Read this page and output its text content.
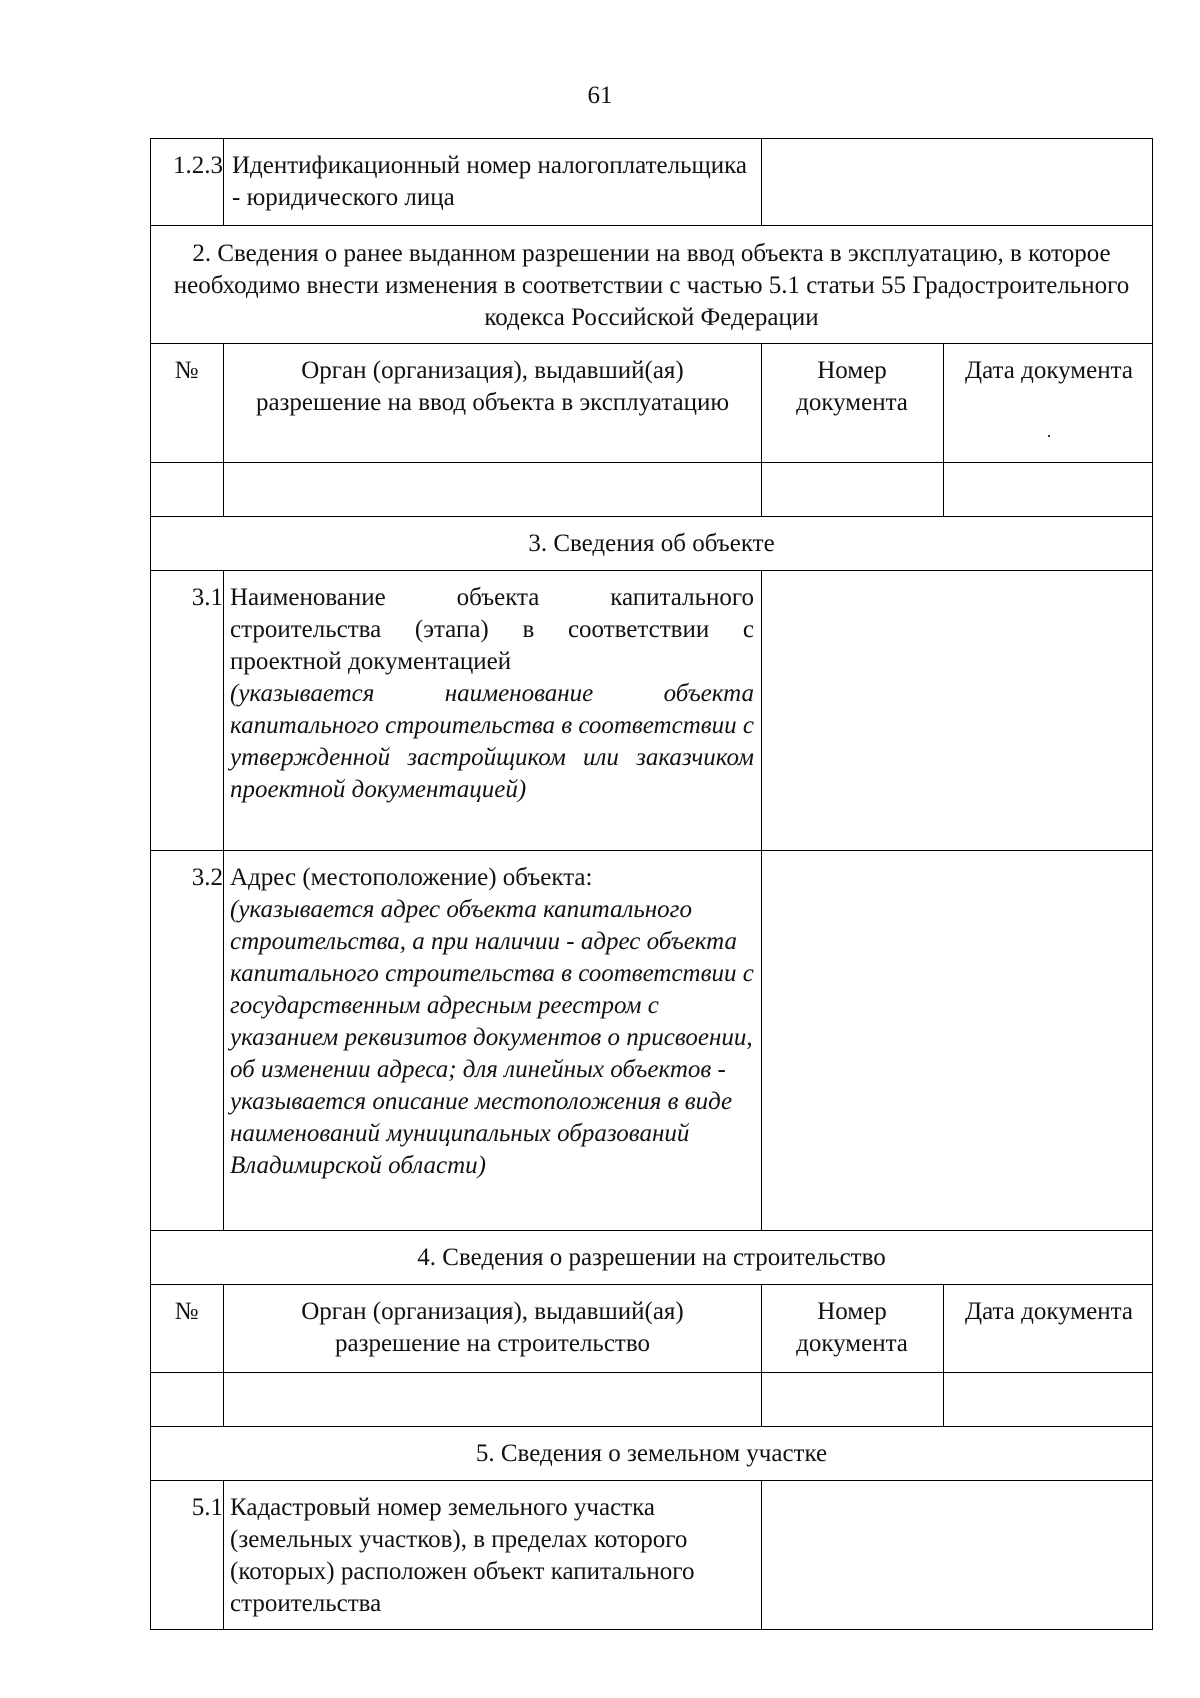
61
1.2.3 Идентификационный номер налогоплательщика - юридического лица
2. Сведения о ранее выданном разрешении на ввод объекта в эксплуатацию, в которое необходимо внести изменения в соответствии с частью 5.1 статьи 55 Градостроительного кодекса Российской Федерации
№	Орган (организация), выдавший(ая) разрешение на ввод объекта в эксплуатацию
Номер документа
Дата документа
3. Сведения об объекте
3.1 Наименование объекта капитального строительства (этапа) в соответствии с проектной документацией
(указывается наименование объекта капитального строительства в соответствии с утвержденной застройщиком или заказчиком проектной документацией)
3.2 Адрес (местоположение) объекта:
(указывается адрес объекта капитального строительства, а при наличии - адрес объекта капитального строительства в соответствии с государственным адресным реестром с указанием реквизитов документов о присвоении, об изменении адреса; для линейных объектов - указывается описание местоположения в виде наименований муниципальных образований Владимирской области)
4. Сведения о разрешении на строительство
№	Орган (организация), выдавший(ая) разрешение на строительство
Номер документа
Дата документа
5. Сведения о земельном участке
5.1 Кадастровый номер земельного участка (земельных участков), в пределах которого (которых) расположен объект капитального строительства
